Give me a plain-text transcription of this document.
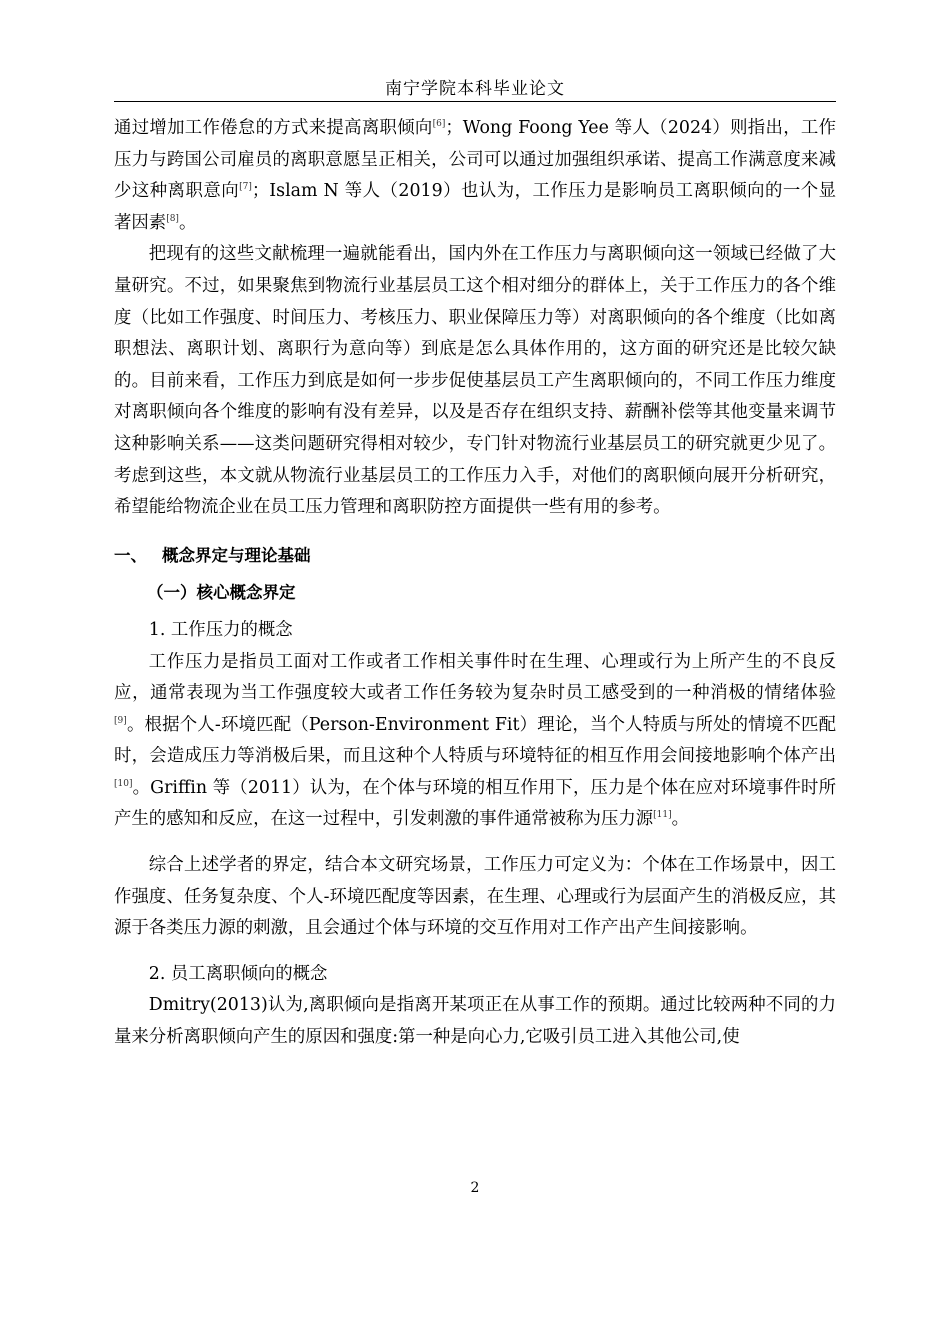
南宁学院本科毕业论文

通过增加工作倦怠的方式来提高离职倾向[6]；Wong Foong Yee 等人（2024）则指出，工作压力与跨国公司雇员的离职意愿呈正相关，公司可以通过加强组织承诺、提高工作满意度来减少这种离职意向[7]；Islam N 等人（2019）也认为，工作压力是影响员工离职倾向的一个显著因素[8]。

把现有的这些文献梳理一遍就能看出，国内外在工作压力与离职倾向这一领域已经做了大量研究。不过，如果聚焦到物流行业基层员工这个相对细分的群体上，关于工作压力的各个维度（比如工作强度、时间压力、考核压力、职业保障压力等）对离职倾向的各个维度（比如离职想法、离职计划、离职行为意向等）到底是怎么具体作用的，这方面的研究还是比较欠缺的。目前来看，工作压力到底是如何一步步促使基层员工产生离职倾向的，不同工作压力维度对离职倾向各个维度的影响有没有差异，以及是否存在组织支持、薪酬补偿等其他变量来调节这种影响关系——这类问题研究得相对较少，专门针对物流行业基层员工的研究就更少见了。考虑到这些，本文就从物流行业基层员工的工作压力入手，对他们的离职倾向展开分析研究，希望能给物流企业在员工压力管理和离职防控方面提供一些有用的参考。

一、 概念界定与理论基础
（一）核心概念界定
1. 工作压力的概念

工作压力是指员工面对工作或者工作相关事件时在生理、心理或行为上所产生的不良反应，通常表现为当工作强度较大或者工作任务较为复杂时员工感受到的一种消极的情绪体验[9]。根据个人-环境匹配（Person-Environment Fit）理论，当个人特质与所处的情境不匹配时，会造成压力等消极后果，而且这种个人特质与环境特征的相互作用会间接地影响个体产出[10]。Griffin 等（2011）认为，在个体与环境的相互作用下，压力是个体在应对环境事件时所产生的感知和反应，在这一过程中，引发刺激的事件通常被称为压力源[11]。

综合上述学者的界定，结合本文研究场景，工作压力可定义为：个体在工作场景中，因工作强度、任务复杂度、个人-环境匹配度等因素，在生理、心理或行为层面产生的消极反应，其源于各类压力源的刺激，且会通过个体与环境的交互作用对工作产出产生间接影响。

2. 员工离职倾向的概念

Dmitry(2013)认为,离职倾向是指离开某项正在从事工作的预期。通过比较两种不同的力量来分析离职倾向产生的原因和强度:第一种是向心力,它吸引员工进入其他公司,使

2
